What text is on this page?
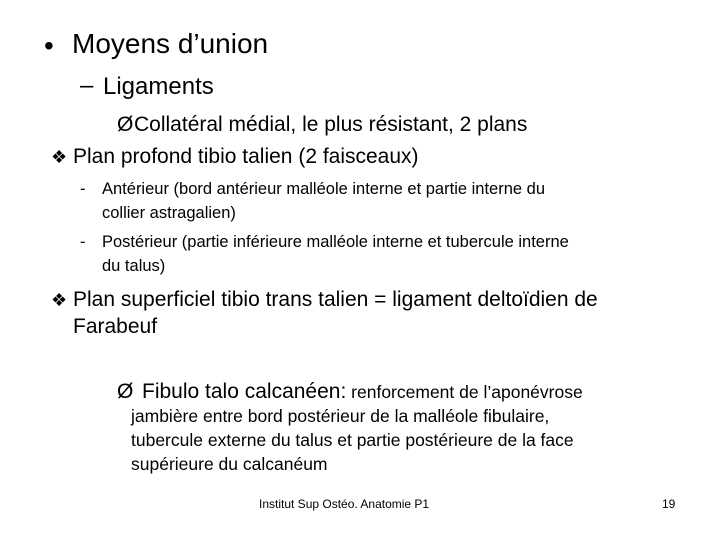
• Moyens d’union
– Ligaments
Ø Collatéral médial, le plus résistant, 2 plans
❖ Plan profond tibio talien (2 faisceaux)
- Antérieur (bord antérieur malléole interne et partie interne du
collier astragalien)
- Postérieur (partie inférieure malléole interne et tubercule interne
du talus)
❖ Plan superficiel tibio trans talien = ligament deltoïdien de
Farabeuf
Ø Fibulo talo calcanéen: renforcement de l’aponévrose
jambière entre bord postérieur de la malléole fibulaire,
tubercule externe du talus et partie postérieure de la face
supérieure du calcanéum
Institut Sup Ostéo. Anatomie P1	19
